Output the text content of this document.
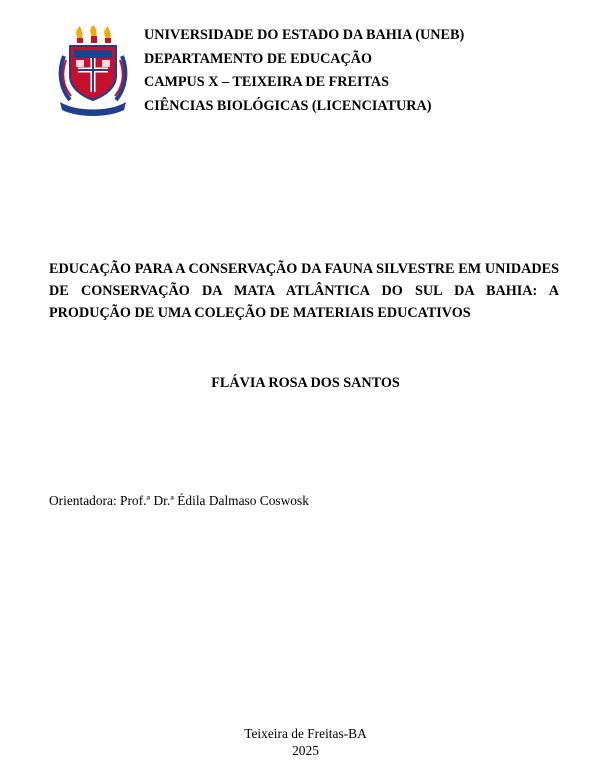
UNIVERSIDADE DO ESTADO DA BAHIA (UNEB)
DEPARTAMENTO DE EDUCAÇÃO
CAMPUS X – TEIXEIRA DE FREITAS
CIÊNCIAS BIOLÓGICAS (LICENCIATURA)
EDUCAÇÃO PARA A CONSERVAÇÃO DA FAUNA SILVESTRE EM UNIDADES DE CONSERVAÇÃO DA MATA ATLÂNTICA DO SUL DA BAHIA: A PRODUÇÃO DE UMA COLEÇÃO DE MATERIAIS EDUCATIVOS
FLÁVIA ROSA DOS SANTOS
Orientadora: Prof.ª Dr.ª Édila Dalmaso Coswosk
Teixeira de Freitas-BA
2025
